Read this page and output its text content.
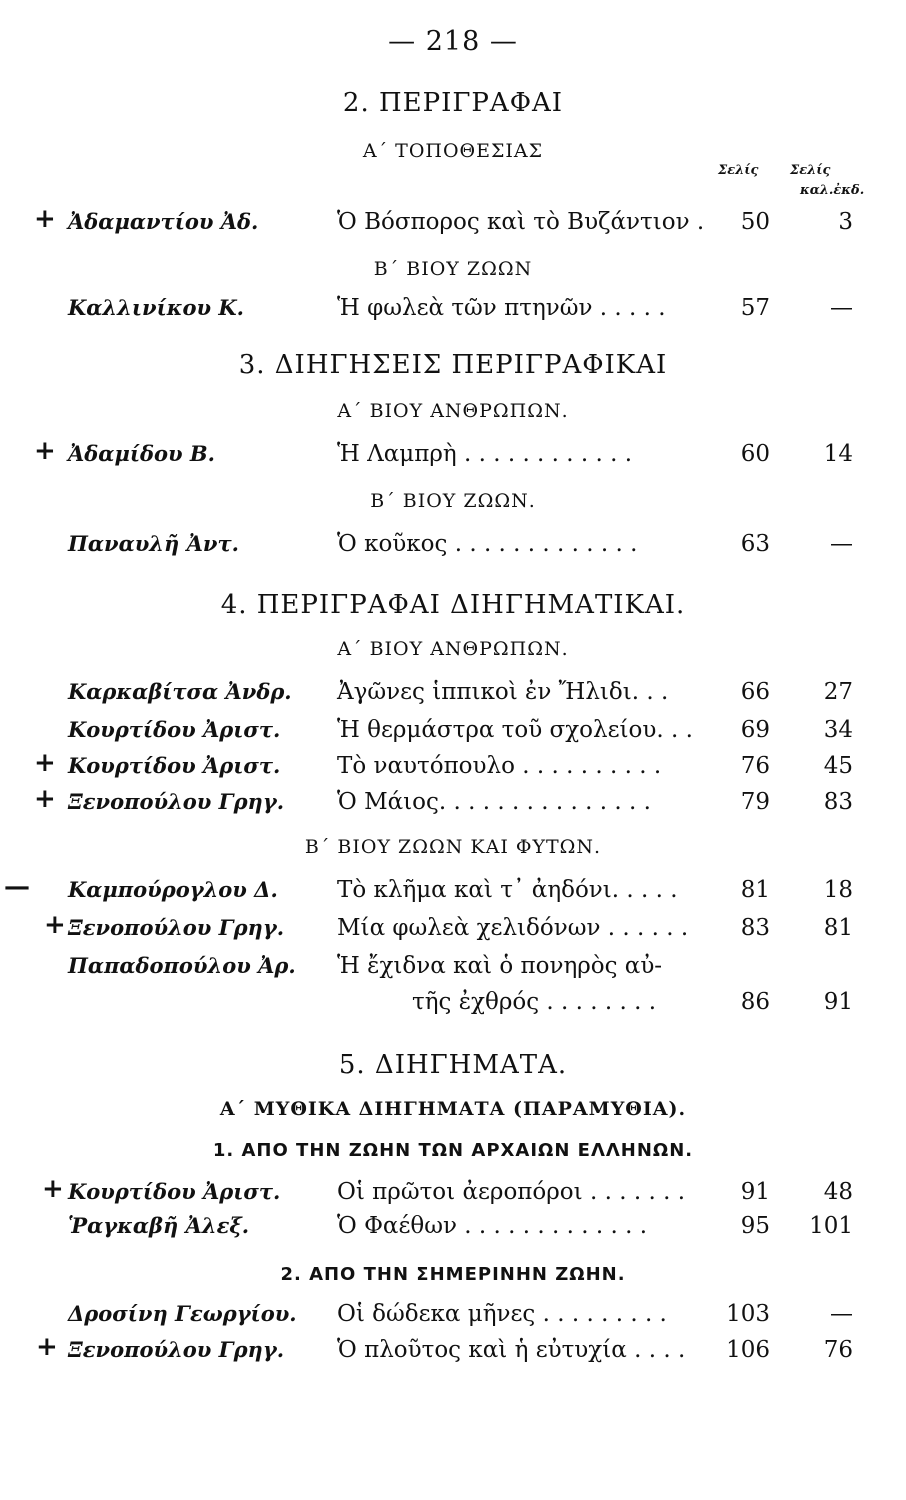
— 218 —
2. ΠΕΡΙΓΡΑΦΑΙ
Α΄ ΤΟΠΟΘΕΣΙΑΣ
Σελίς Σελίς
καλ.ἐκδ.
+ Ἀδαμαντίου Ἀδ.	Ὁ Βόσπορος καὶ τὸ Βυζάντιον . 50	3
Β΄ ΒΙΟΥ ΖΩΩΝ
Καλλινίκου Κ.	Ἡ φωλεὰ τῶν πτηνῶν . . . . .	57	—
3. ΔΙΗΓΗΣΕΙΣ ΠΕΡΙΓΡΑΦΙΚΑΙ
Α΄ ΒΙΟΥ ΑΝΘΡΩΠΩΝ.
+ Ἀδαμίδου Β.	Ἡ Λαμπρὴ . . . . . . . . . . . .	60 14
Β΄ ΒΙΟΥ ΖΩΩΝ.
Παναυλῆ Ἀντ.	Ὁ κοῦκος . . . . . . . . . . . . .	63	—
4. ΠΕΡΙΓΡΑΦΑΙ ΔΙΗΓΗΜΑΤΙΚΑΙ.
Α΄ ΒΙΟΥ ΑΝΘΡΩΠΩΝ.
Καρκαβίτσα Ἀνδρ. Ἀγῶνες ἱππικοὶ ἐν Ἤλιδι. . .	66 27
Κουρτίδου Ἀριστ. Ἡ θερμάστρα τοῦ σχολείου. . . 69 34
+ Κουρτίδου Ἀριστ. Τὸ ναυτόπουλο . . . . . . . . . .	76 45
+ Ξενοπούλου Γρηγ. Ὁ Μάιος. . . . . . . . . . . . . . .	79 83
Β΄ ΒΙΟΥ ΖΩΩΝ ΚΑΙ ΦΥΤΩΝ.
— Καμπούρογλου Δ.	Τὸ κλῆμα καὶ τ᾿ ἀηδόνι. . . . .	81 18
+ Ξενοπούλου Γρηγ. Μία φωλεὰ χελιδόνων . . . . . . 83 81
Παπαδοπούλου Ἀρ. Ἡ ἔχιδνα καὶ ὁ πονηρὸς αὐ-
τῆς ἐχθρός . . . . . . . .	86 91
5. ΔΙΗΓΗΜΑΤΑ.
Α΄ ΜΥΘΙΚΑ ΔΙΗΓΗΜΑΤΑ (ΠΑΡΑΜΥΘΙΑ).
1. ΑΠΟ ΤΗΝ ΖΩΗΝ ΤΩΝ ΑΡΧΑΙΩΝ ΕΛΛΗΝΩΝ.
+ Κουρτίδου Ἀριστ. Οἱ πρῶτοι ἀεροπόροι . . . . . . . 91 48
Ῥαγκαβῆ Ἀλεξ.	Ὁ Φαέθων . . . . . . . . . . . . .	95 101
2. ΑΠΟ ΤΗΝ ΣΗΜΕΡΙΝΗΝ ΖΩΗΝ.
Δροσίνη Γεωργίου. Οἱ δώδεκα μῆνες . . . . . . . . .	103	—
+ Ξενοπούλου Γρηγ. Ὁ πλοῦτος καὶ ἡ εὐτυχία . . . . 106 76
